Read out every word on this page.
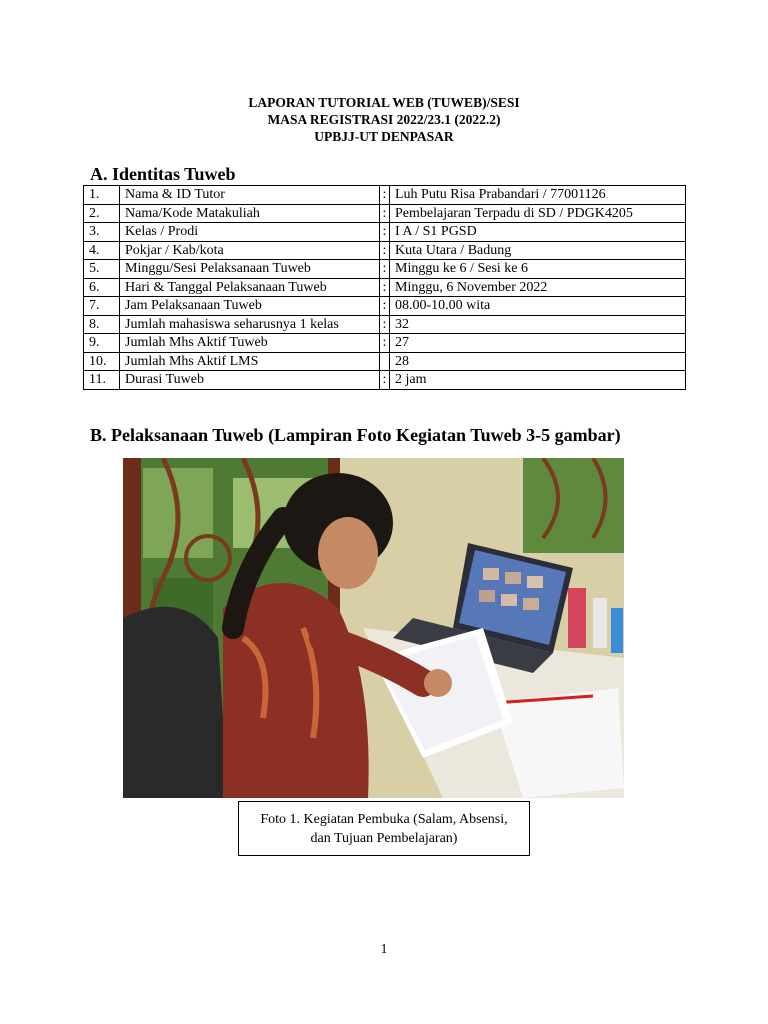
LAPORAN TUTORIAL WEB (TUWEB)/SESI
MASA REGISTRASI 2022/23.1 (2022.2)
UPBJJ-UT DENPASAR
A. Identitas Tuweb
1.	Nama & ID Tutor	:	Luh Putu Risa Prabandari / 77001126
2.	Nama/Kode Matakuliah	:	Pembelajaran Terpadu di SD / PDGK4205
3.	Kelas / Prodi	:	I A / S1 PGSD
4.	Pokjar / Kab/kota	:	Kuta Utara / Badung
5.	Minggu/Sesi Pelaksanaan Tuweb	:	Minggu ke 6 / Sesi ke 6
6.	Hari & Tanggal Pelaksanaan Tuweb	:	Minggu, 6 November 2022
7.	Jam Pelaksanaan Tuweb	:	08.00-10.00 wita
8.	Jumlah mahasiswa seharusnya 1 kelas	:	32
9.	Jumlah Mhs Aktif Tuweb	:	27
10.	Jumlah Mhs Aktif LMS		28
11.	Durasi Tuweb	:	2 jam
B. Pelaksanaan Tuweb (Lampiran Foto Kegiatan Tuweb 3-5 gambar)
Foto 1. Kegiatan Pembuka (Salam, Absensi,
dan Tujuan Pembelajaran)
1
